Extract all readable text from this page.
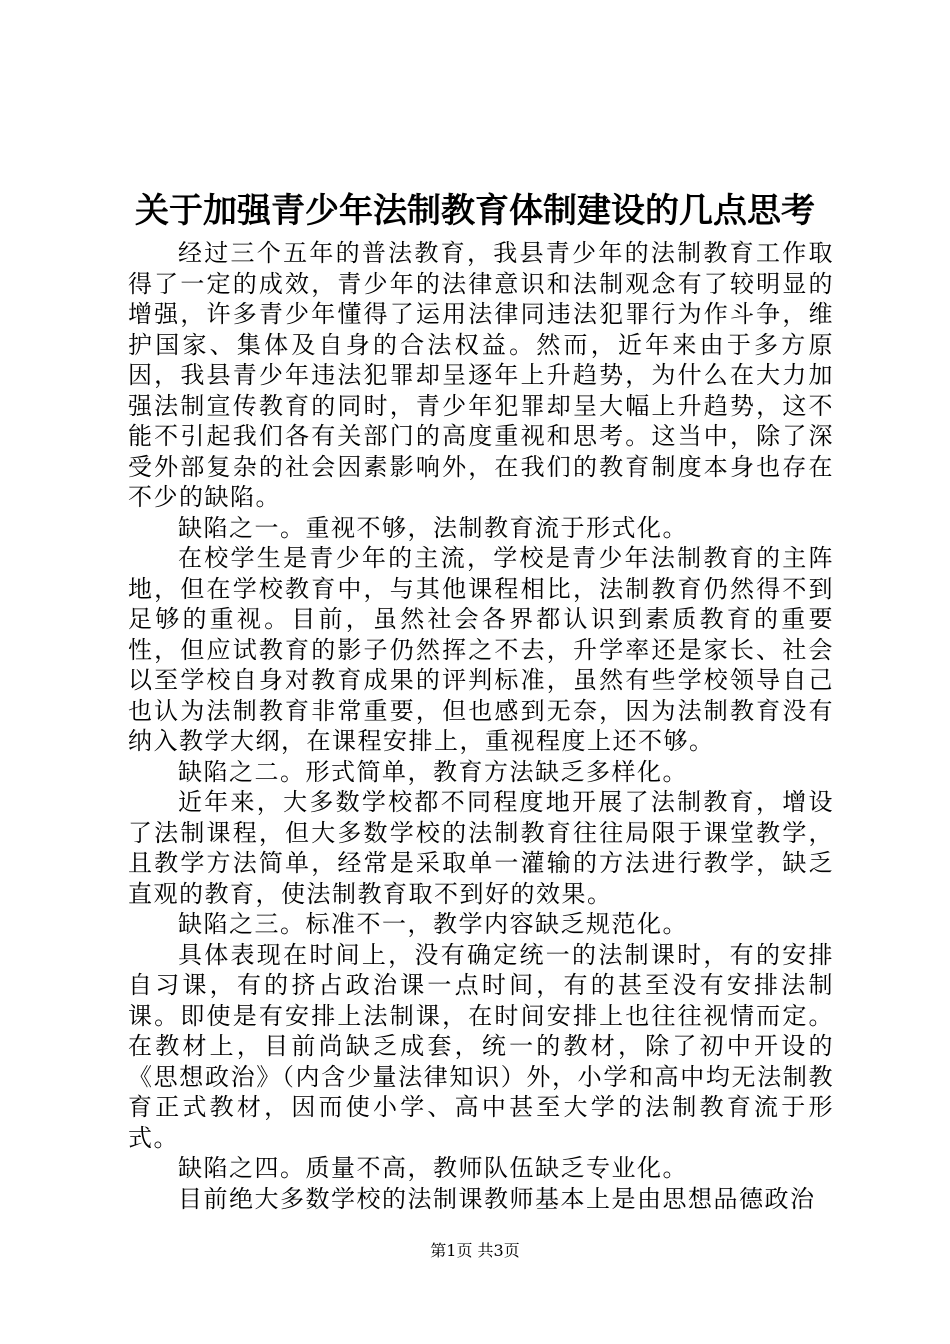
关于加强青少年法制教育体制建设的几点思考

经过三个五年的普法教育，我县青少年的法制教育工作取得了一定的成效，青少年的法律意识和法制观念有了较明显的增强，许多青少年懂得了运用法律同违法犯罪行为作斗争，维护国家、集体及自身的合法权益。然而，近年来由于多方原因，我县青少年违法犯罪却呈逐年上升趋势，为什么在大力加强法制宣传教育的同时，青少年犯罪却呈大幅上升趋势，这不能不引起我们各有关部门的高度重视和思考。这当中，除了深受外部复杂的社会因素影响外，在我们的教育制度本身也存在不少的缺陷。

缺陷之一。重视不够，法制教育流于形式化。

在校学生是青少年的主流，学校是青少年法制教育的主阵地，但在学校教育中，与其他课程相比，法制教育仍然得不到足够的重视。目前，虽然社会各界都认识到素质教育的重要性，但应试教育的影子仍然挥之不去，升学率还是家长、社会以至学校自身对教育成果的评判标准，虽然有些学校领导自己也认为法制教育非常重要，但也感到无奈，因为法制教育没有纳入教学大纲，在课程安排上，重视程度上还不够。

缺陷之二。形式简单，教育方法缺乏多样化。

近年来，大多数学校都不同程度地开展了法制教育，增设了法制课程，但大多数学校的法制教育往往局限于课堂教学，且教学方法简单，经常是采取单一灌输的方法进行教学，缺乏直观的教育，使法制教育取不到好的效果。

缺陷之三。标准不一，教学内容缺乏规范化。

具体表现在时间上，没有确定统一的法制课时，有的安排自习课，有的挤占政治课一点时间，有的甚至没有安排法制课。即使是有安排上法制课，在时间安排上也往往视情而定。在教材上，目前尚缺乏成套，统一的教材，除了初中开设的《思想政治》（内含少量法律知识）外，小学和高中均无法制教育正式教材，因而使小学、高中甚至大学的法制教育流于形式。

缺陷之四。质量不高，教师队伍缺乏专业化。

目前绝大多数学校的法制课教师基本上是由思想品德政治

第1页 共3页
